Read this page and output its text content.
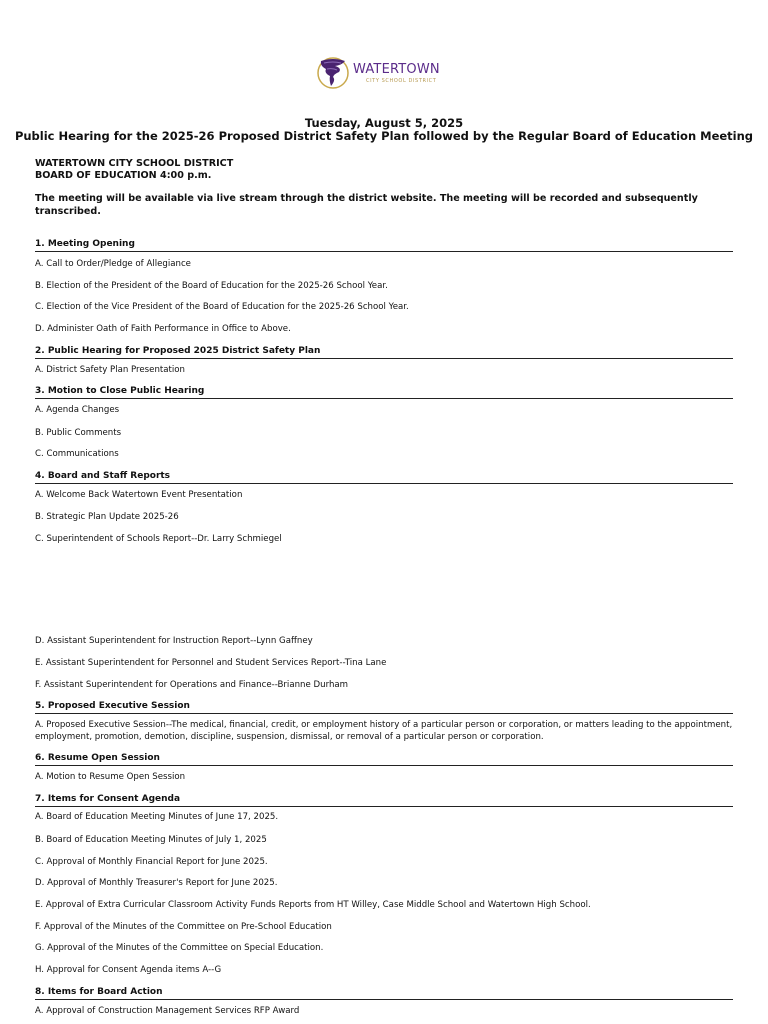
WATERTOWN
CITY SCHOOL DISTRICT
Tuesday, August 5, 2025
Public Hearing for the 2025-26 Proposed District Safety Plan followed by the Regular Board of Education Meeting
WATERTOWN CITY SCHOOL DISTRICT
BOARD OF EDUCATION 4:00 p.m.
The meeting will be available via live stream through the district website. The meeting will be recorded and subsequently transcribed.
1. Meeting Opening
A. Call to Order/Pledge of Allegiance
B. Election of the President of the Board of Education for the 2025-26 School Year.
C. Election of the Vice President of the Board of Education for the 2025-26 School Year.
D. Administer Oath of Faith Performance in Office to Above.
2. Public Hearing for Proposed 2025 District Safety Plan
A. District Safety Plan Presentation
3. Motion to Close Public Hearing
A. Agenda Changes
B. Public Comments
C. Communications
4. Board and Staff Reports
A. Welcome Back Watertown Event Presentation
B. Strategic Plan Update 2025-26
C. Superintendent of Schools Report--Dr. Larry Schmiegel
D. Assistant Superintendent for Instruction Report--Lynn Gaffney
E. Assistant Superintendent for Personnel and Student Services Report--Tina Lane
F. Assistant Superintendent for Operations and Finance--Brianne Durham
5. Proposed Executive Session
A. Proposed Executive Session--The medical, financial, credit, or employment history of a particular person or corporation, or matters leading to the appointment, employment, promotion, demotion, discipline, suspension, dismissal, or removal of a particular person or corporation.
6. Resume Open Session
A. Motion to Resume Open Session
7. Items for Consent Agenda
A. Board of Education Meeting Minutes of June 17, 2025.
B. Board of Education Meeting Minutes of July 1, 2025
C. Approval of Monthly Financial Report for June 2025.
D. Approval of Monthly Treasurer's Report for June 2025.
E. Approval of Extra Curricular Classroom Activity Funds Reports from HT Willey, Case Middle School and Watertown High School.
F. Approval of the Minutes of the Committee on Pre-School Education
G. Approval of the Minutes of the Committee on Special Education.
H. Approval for Consent Agenda items A--G
8. Items for Board Action
A. Approval of Construction Management Services RFP Award
